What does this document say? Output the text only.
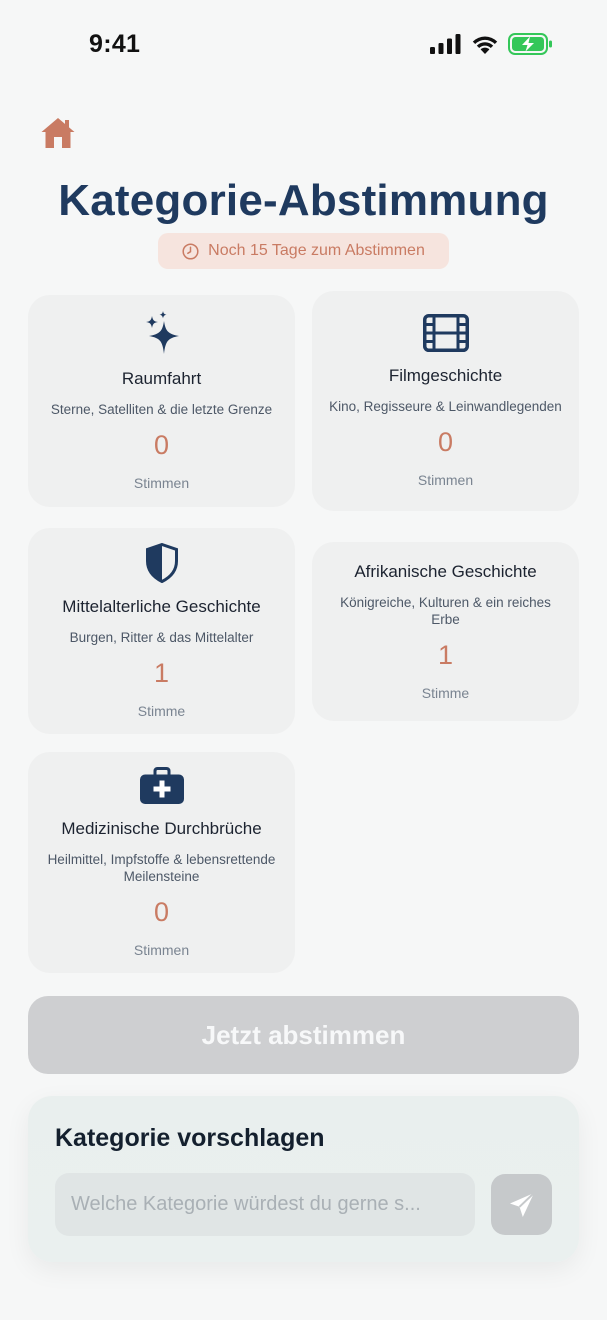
9:41
Kategorie-Abstimmung
Noch 15 Tage zum Abstimmen
Raumfahrt
Sterne, Satelliten & die letzte Grenze
0
Stimmen
Filmgeschichte
Kino, Regisseure & Leinwandlegenden
0
Stimmen
Mittelalterliche Geschichte
Burgen, Ritter & das Mittelalter
1
Stimme
Afrikanische Geschichte
Königreiche, Kulturen & ein reiches Erbe
1
Stimme
Medizinische Durchbrüche
Heilmittel, Impfstoffe & lebensrettende Meilensteine
0
Stimmen
Jetzt abstimmen
Kategorie vorschlagen
Welche Kategorie würdest du gerne s...
